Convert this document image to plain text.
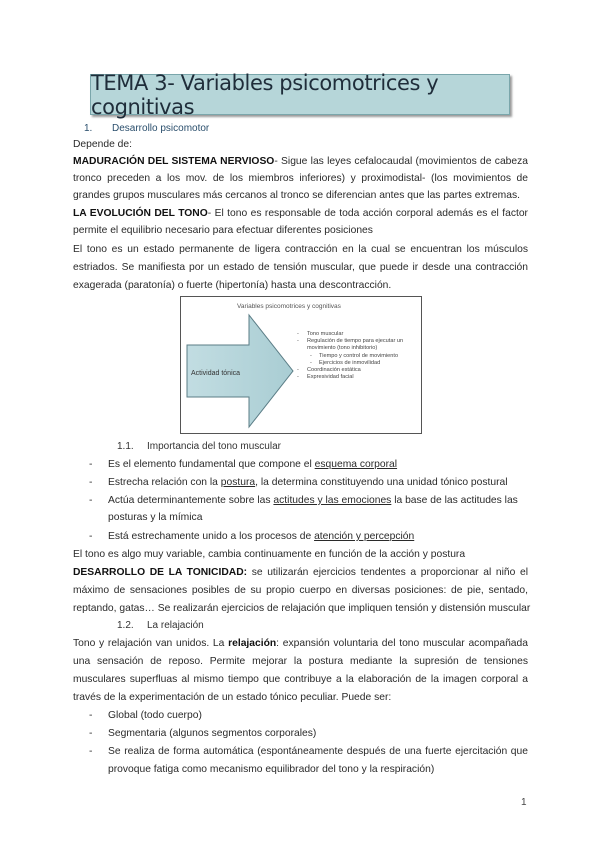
TEMA 3- Variables psicomotrices y cognitivas
1. Desarrollo psicomotor
Depende de:
MADURACIÓN DEL SISTEMA NERVIOSO- Sigue las leyes cefalocaudal (movimientos de cabeza
tronco preceden a los mov. de los miembros inferiores) y proximodistal- (los movimientos de
grandes grupos musculares más cercanos al tronco se diferencian antes que las partes extremas.
LA EVOLUCIÓN DEL TONO- El tono es responsable de toda acción corporal además es el factor
permite el equilibrio necesario para efectuar diferentes posiciones
El tono es un estado permanente de ligera contracción en la cual se encuentran los músculos
estriados. Se manifiesta por un estado de tensión muscular, que puede ir desde una contracción
exagerada (paratonía) o fuerte (hipertonía) hasta una descontracción.
Variables psicomotrices y cognitivas
Actividad tónica
- Tono muscular
- Regulación de tiempo para ejecutar un movimiento (tono inhibitorio)
- Tiempo y control de movimiento
- Ejercicios de inmovilidad
- Coordinación estática
- Expresividad facial
1.1. Importancia del tono muscular
- Es el elemento fundamental que compone el esquema corporal
- Estrecha relación con la postura, la determina constituyendo una unidad tónico postural
- Actúa determinantemente sobre las actitudes y las emociones la base de las actitudes las
posturas y la mímica
- Está estrechamente unido a los procesos de atención y percepción
El tono es algo muy variable, cambia continuamente en función de la acción y postura
DESARROLLO DE LA TONICIDAD: se utilizarán ejercicios tendentes a proporcionar al niño el
máximo de sensaciones posibles de su propio cuerpo en diversas posiciones: de pie, sentado,
reptando, gatas… Se realizarán ejercicios de relajación que impliquen tensión y distensión muscular
1.2. La relajación
Tono y relajación van unidos. La relajación: expansión voluntaria del tono muscular acompañada
una sensación de reposo. Permite mejorar la postura mediante la supresión de tensiones
musculares superfluas al mismo tiempo que contribuye a la elaboración de la imagen corporal a
través de la experimentación de un estado tónico peculiar. Puede ser:
- Global (todo cuerpo)
- Segmentaria (algunos segmentos corporales)
- Se realiza de forma automática (espontáneamente después de una fuerte ejercitación que
provoque fatiga como mecanismo equilibrador del tono y la respiración)
1
